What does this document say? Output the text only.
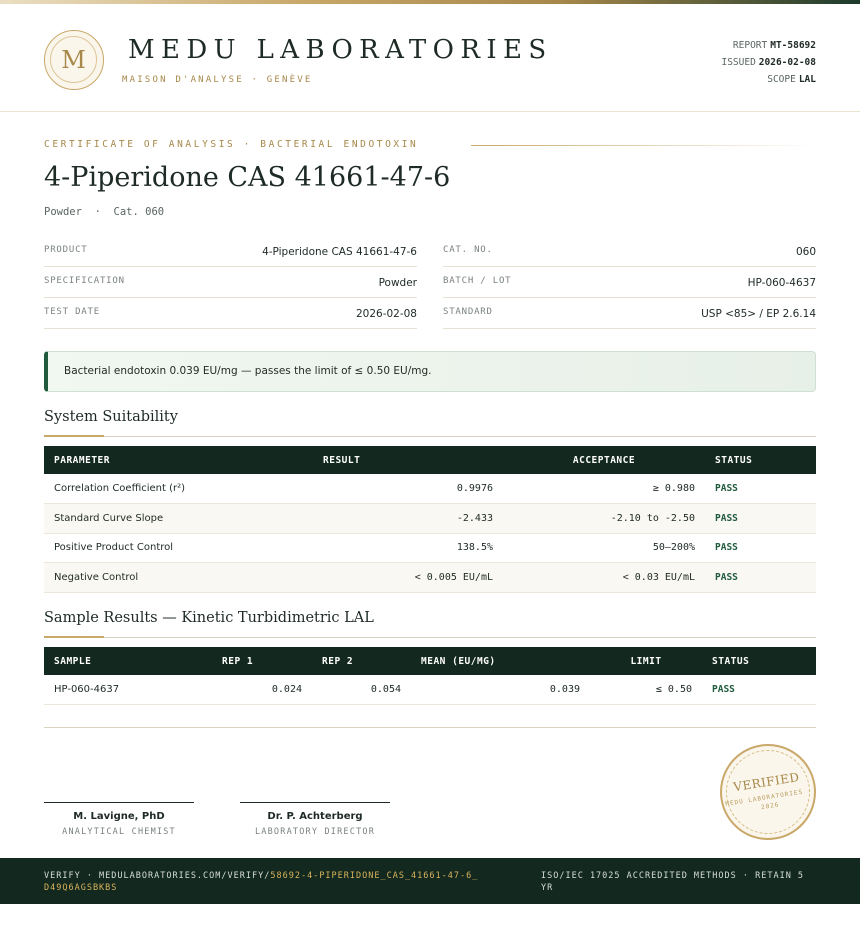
M	MEDU LABORATORIES
MAISON D'ANALYSE · GENÈVE
REPORT MT-58692
ISSUED 2026-02-08
SCOPE LAL
CERTIFICATE OF ANALYSIS · BACTERIAL ENDOTOXIN
4-Piperidone CAS 41661-47-6
Powder  ·  Cat. 060
PRODUCT	4-Piperidone CAS 41661-47-6
SPECIFICATION	Powder
TEST DATE	2026-02-08
CAT. NO.	060
BATCH / LOT	HP-060-4637
STANDARD	USP <85> / EP 2.6.14
Bacterial endotoxin 0.039 EU/mg — passes the limit of ≤ 0.50 EU/mg.
System Suitability
PARAMETER	RESULT	ACCEPTANCE	STATUS
Correlation Coefficient (r²)	0.9976	≥ 0.980	PASS
Standard Curve Slope	-2.433	-2.10 to -2.50	PASS
Positive Product Control	138.5%	50–200%	PASS
Negative Control	< 0.005 EU/mL	< 0.03 EU/mL	PASS
Sample Results — Kinetic Turbidimetric LAL
SAMPLE	REP 1	REP 2	MEAN (EU/MG)	LIMIT	STATUS
HP-060-4637	0.024	0.054	0.039	≤ 0.50	PASS
M. Lavigne, PhD
ANALYTICAL CHEMIST
Dr. P. Achterberg
LABORATORY DIRECTOR
VERIFIED
MEDU LABORATORIES · 2026
VERIFY · MEDULABORATORIES.COM/VERIFY/58692-4-PIPERIDONE_CAS_41661-47-6_D49Q6AGSBKBS
ISO/IEC 17025 ACCREDITED METHODS · RETAIN 5 YR
